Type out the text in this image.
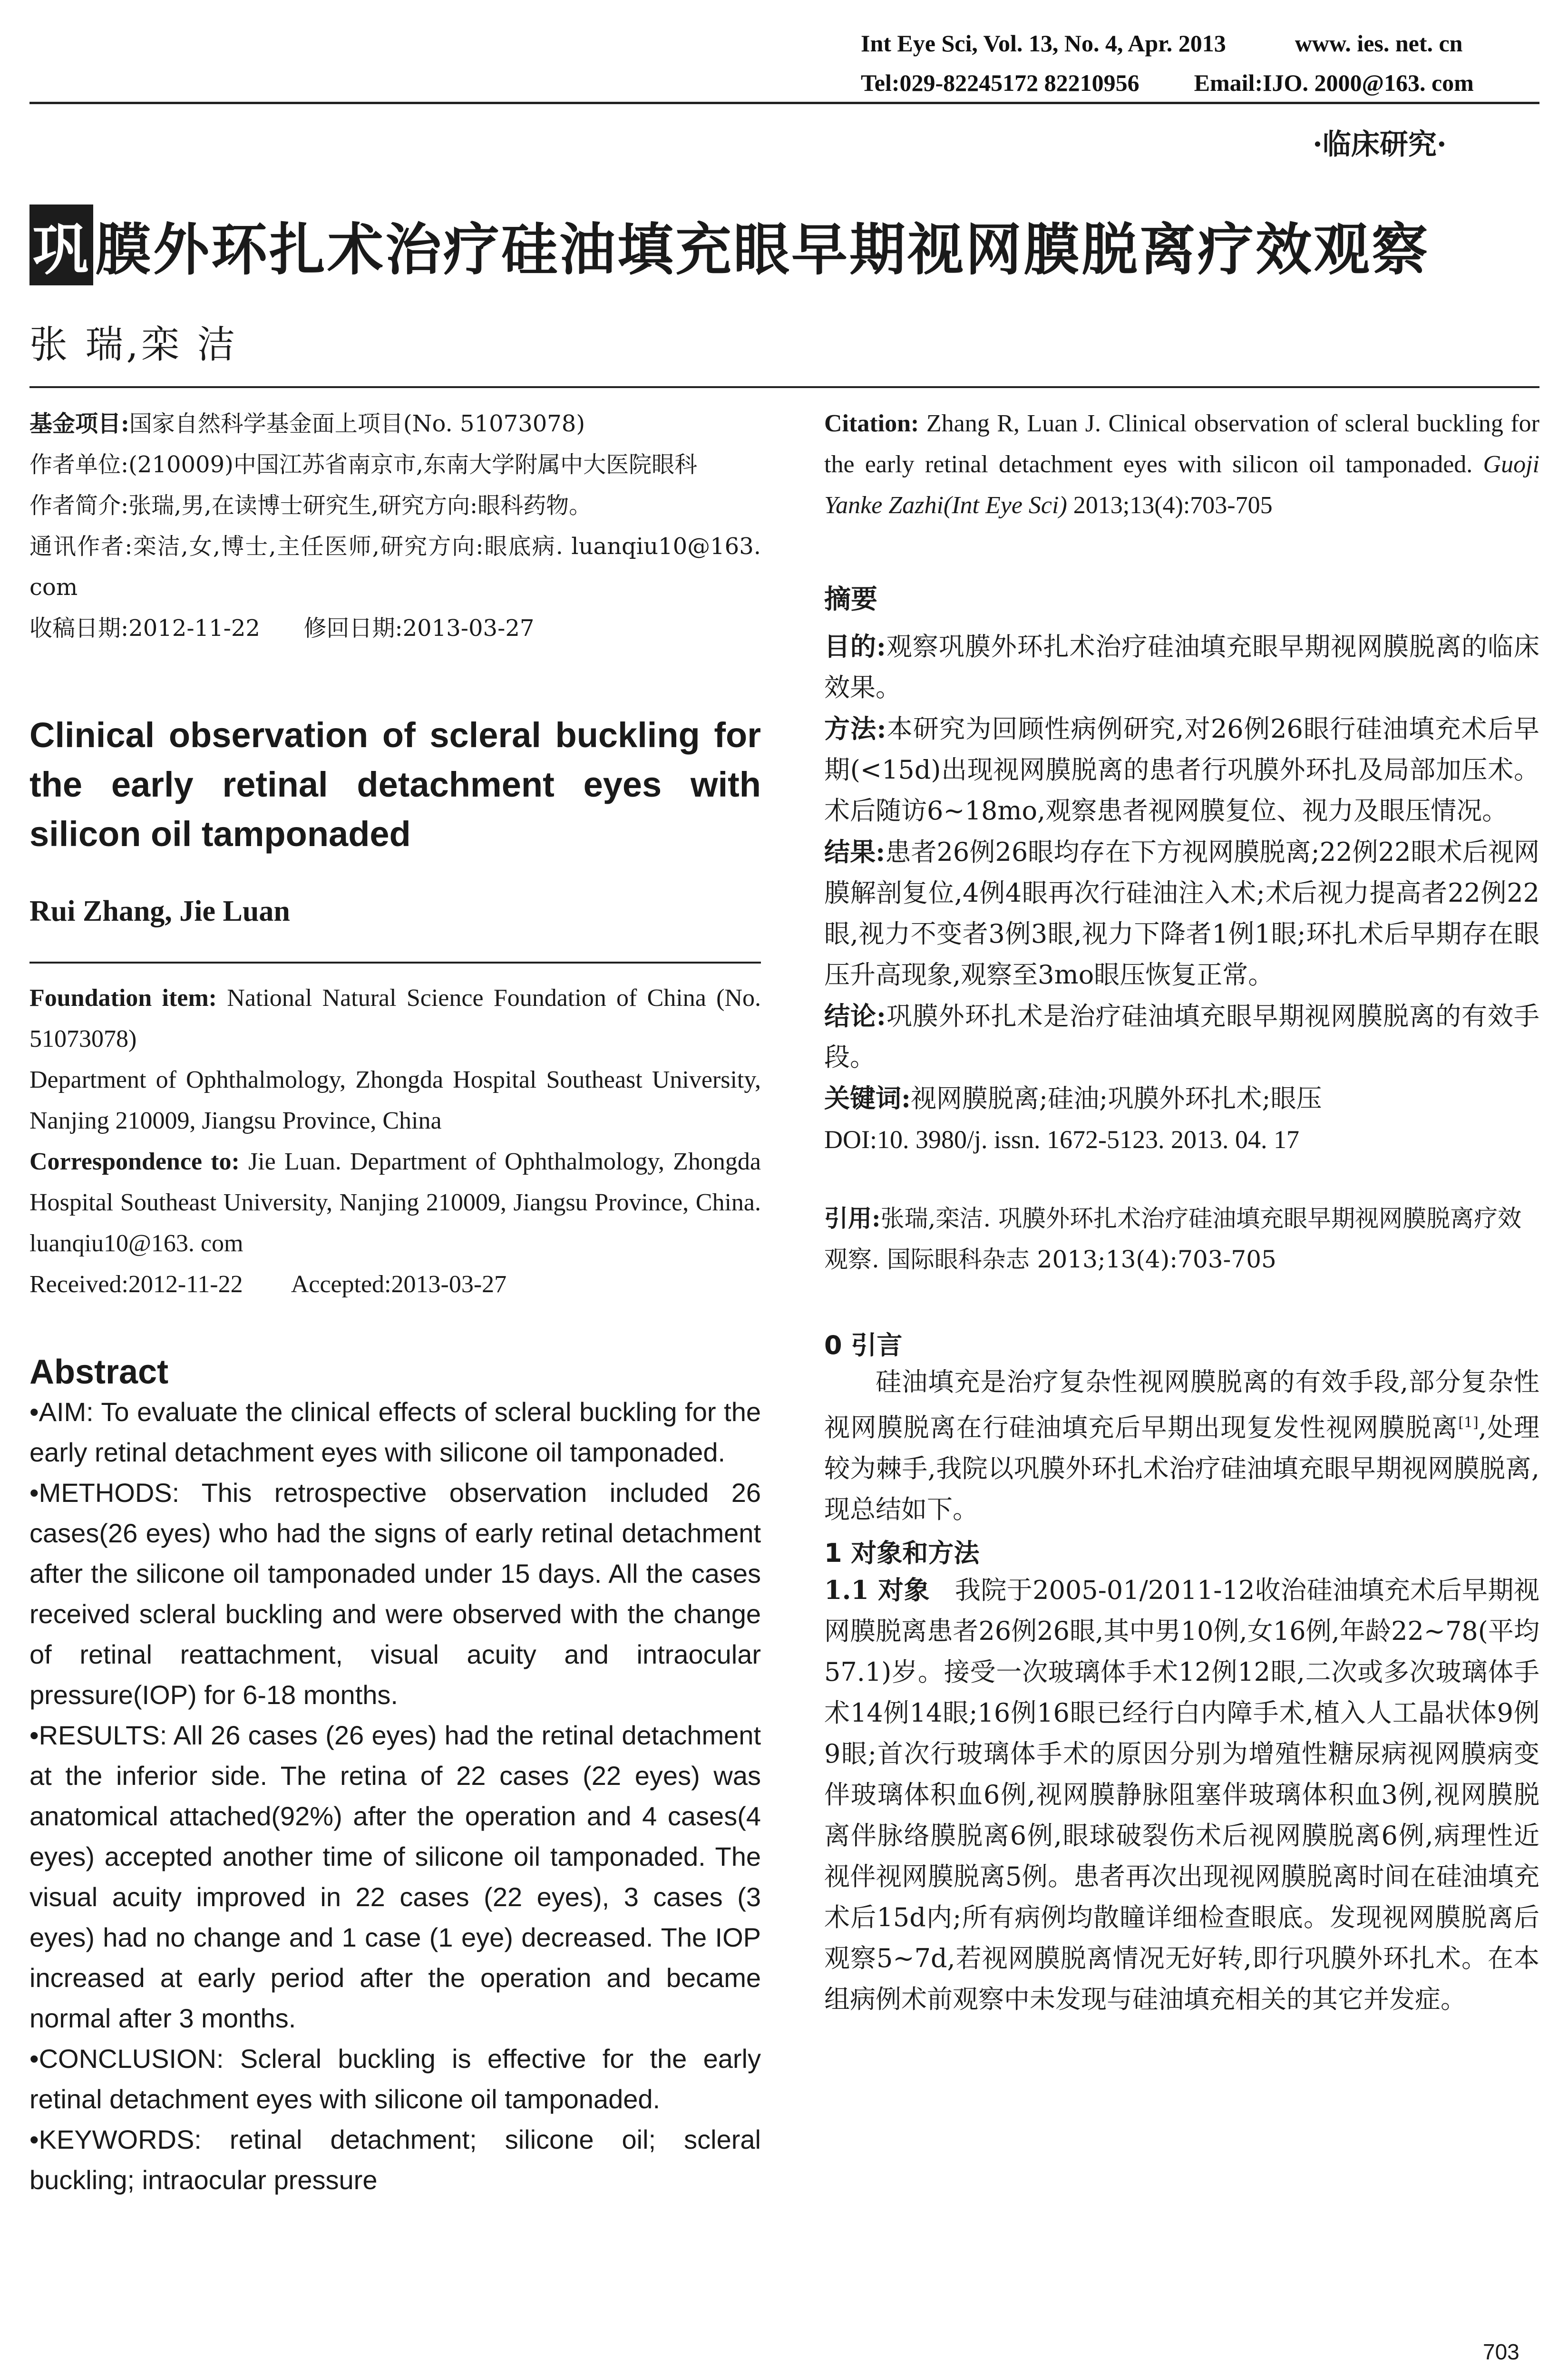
Int Eye Sci, Vol. 13, No. 4, Apr. 2013	www. ies. net. cn
Tel:029-82245172 82210956 Email:IJO. 2000@163. com
·临床研究·
巩膜外环扎术治疗硅油填充眼早期视网膜脱离疗效观察
张 瑞,栾 洁

基金项目:国家自然科学基金面上项目(No. 51073078)

作者单位:(210009)中国江苏省南京市,东南大学附属中大医院眼科

作者简介:张瑞,男,在读博士研究生,研究方向:眼科药物。

通讯作者:栾洁,女,博士,主任医师,研究方向:眼底病. luanqiu10@163. com

收稿日期:2012-11-22      修回日期:2013-03-27

Clinical observation of scleral buckling for the early retinal detachment eyes with silicon oil tamponaded
Rui Zhang, Jie Luan

Foundation item: National Natural Science Foundation of China (No. 51073078)

Department of Ophthalmology, Zhongda Hospital Southeast University, Nanjing 210009, Jiangsu Province, China

Correspondence to: Jie Luan. Department of Ophthalmology, Zhongda Hospital Southeast University, Nanjing 210009, Jiangsu Province, China. luanqiu10@163. com

Received:2012-11-22        Accepted:2013-03-27

Abstract

•AIM: To evaluate the clinical effects of scleral buckling for the early retinal detachment eyes with silicone oil tamponaded.

•METHODS: This retrospective observation included 26 cases(26 eyes) who had the signs of early retinal detachment after the silicone oil tamponaded under 15 days. All the cases received scleral buckling and were observed with the change of retinal reattachment, visual acuity and intraocular pressure(IOP) for 6-18 months.

•RESULTS: All 26 cases (26 eyes) had the retinal detachment at the inferior side. The retina of 22 cases (22 eyes) was anatomical attached(92%) after the operation and 4 cases(4 eyes) accepted another time of silicone oil tamponaded. The visual acuity improved in 22 cases (22 eyes), 3 cases (3 eyes) had no change and 1 case (1 eye) decreased. The IOP increased at early period after the operation and became normal after 3 months.

•CONCLUSION: Scleral buckling is effective for the early retinal detachment eyes with silicone oil tamponaded.

•KEYWORDS: retinal detachment; silicone oil; scleral buckling; intraocular pressure

Citation: Zhang R, Luan J. Clinical observation of scleral buckling for the early retinal detachment eyes with silicon oil tamponaded. Guoji Yanke Zazhi(Int Eye Sci) 2013;13(4):703-705
摘要

目的:观察巩膜外环扎术治疗硅油填充眼早期视网膜脱离的临床效果。

方法:本研究为回顾性病例研究,对26例26眼行硅油填充术后早期(<15d)出现视网膜脱离的患者行巩膜外环扎及局部加压术。术后随访6~18mo,观察患者视网膜复位、视力及眼压情况。

结果:患者26例26眼均存在下方视网膜脱离;22例22眼术后视网膜解剖复位,4例4眼再次行硅油注入术;术后视力提高者22例22眼,视力不变者3例3眼,视力下降者1例1眼;环扎术后早期存在眼压升高现象,观察至3mo眼压恢复正常。

结论:巩膜外环扎术是治疗硅油填充眼早期视网膜脱离的有效手段。

关键词:视网膜脱离;硅油;巩膜外环扎术;眼压

DOI:10. 3980/j. issn. 1672-5123. 2013. 04. 17

引用:张瑞,栾洁. 巩膜外环扎术治疗硅油填充眼早期视网膜脱离疗效观察. 国际眼科杂志 2013;13(4):703-705
0 引言
硅油填充是治疗复杂性视网膜脱离的有效手段,部分复杂性视网膜脱离在行硅油填充后早期出现复发性视网膜脱离[1],处理较为棘手,我院以巩膜外环扎术治疗硅油填充眼早期视网膜脱离,现总结如下。
1 对象和方法
1.1 对象 我院于2005-01/2011-12收治硅油填充术后早期视网膜脱离患者26例26眼,其中男10例,女16例,年龄22~78(平均57.1)岁。接受一次玻璃体手术12例12眼,二次或多次玻璃体手术14例14眼;16例16眼已经行白内障手术,植入人工晶状体9例9眼;首次行玻璃体手术的原因分别为增殖性糖尿病视网膜病变伴玻璃体积血6例,视网膜静脉阻塞伴玻璃体积血3例,视网膜脱离伴脉络膜脱离6例,眼球破裂伤术后视网膜脱离6例,病理性近视伴视网膜脱离5例。患者再次出现视网膜脱离时间在硅油填充术后15d内;所有病例均散瞳详细检查眼底。发现视网膜脱离后观察5~7d,若视网膜脱离情况无好转,即行巩膜外环扎术。在本组病例术前观察中未发现与硅油填充相关的其它并发症。
703
